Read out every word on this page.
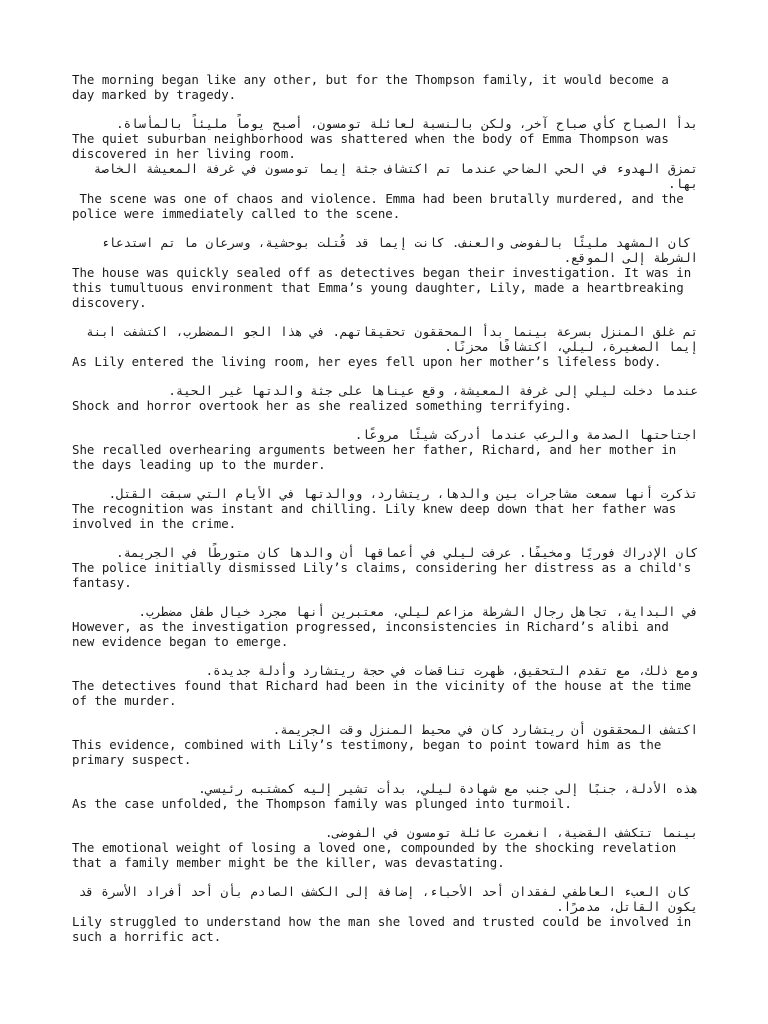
The morning began like any other, but for the Thompson family, it would become a day marked by tragedy.

بدأ الصباح كأي صباح آخر، ولكن بالنسبة لعائلة تومسون، أصبح يوماً مليئاً بالمأساة.

The quiet suburban neighborhood was shattered when the body of Emma Thompson was discovered in her living room.

تمزق الهدوء في الحي الضاحي عندما تم اكتشاف جثة إيما تومسون في غرفة المعيشة الخاصة بها.

The scene was one of chaos and violence. Emma had been brutally murdered, and the police were immediately called to the scene.

كان المشهد مليئًا بالفوضى والعنف. كانت إيما قد قُتلت بوحشية، وسرعان ما تم استدعاء الشرطة إلى الموقع.

The house was quickly sealed off as detectives began their investigation. It was in this tumultuous environment that Emma’s young daughter, Lily, made a heartbreaking discovery.

تم غلق المنزل بسرعة بينما بدأ المحققون تحقيقاتهم. في هذا الجو المضطرب، اكتشفت ابنة إيما الصغيرة، ليلي، اكتشافًا محزنًا.

As Lily entered the living room, her eyes fell upon her mother’s lifeless body.

عندما دخلت ليلي إلى غرفة المعيشة، وقع عيناها على جثة والدتها غير الحية.

Shock and horror overtook her as she realized something terrifying.

اجتاحتها الصدمة والرعب عندما أدركت شيئًا مروعًا.

She recalled overhearing arguments between her father, Richard, and her mother in the days leading up to the murder.

تذكرت أنها سمعت مشاجرات بين والدها، ريتشارد، ووالدتها في الأيام التي سبقت القتل.

The recognition was instant and chilling. Lily knew deep down that her father was involved in the crime.

كان الإدراك فوريًا ومخيفًا. عرفت ليلي في أعماقها أن والدها كان متورطًا في الجريمة.

The police initially dismissed Lily’s claims, considering her distress as a child's fantasy.

في البداية، تجاهل رجال الشرطة مزاعم ليلي، معتبرين أنها مجرد خيال طفل مضطرب.

However, as the investigation progressed, inconsistencies in Richard’s alibi and new evidence began to emerge.

ومع ذلك، مع تقدم التحقيق، ظهرت تناقضات في حجة ريتشارد وأدلة جديدة.

The detectives found that Richard had been in the vicinity of the house at the time of the murder.

اكتشف المحققون أن ريتشارد كان في محيط المنزل وقت الجريمة.

This evidence, combined with Lily’s testimony, began to point toward him as the primary suspect.

هذه الأدلة، جنبًا إلى جنب مع شهادة ليلي، بدأت تشير إليه كمشتبه رئيسي.

As the case unfolded, the Thompson family was plunged into turmoil.

بينما تتكشف القضية، انغمرت عائلة تومسون في الفوضى.

The emotional weight of losing a loved one, compounded by the shocking revelation that a family member might be the killer, was devastating.

كان العبء العاطفي لفقدان أحد الأحباء، إضافة إلى الكشف الصادم بأن أحد أفراد الأسرة قد يكون القاتل، مدمرًا.

Lily struggled to understand how the man she loved and trusted could be involved in such a horrific act.
